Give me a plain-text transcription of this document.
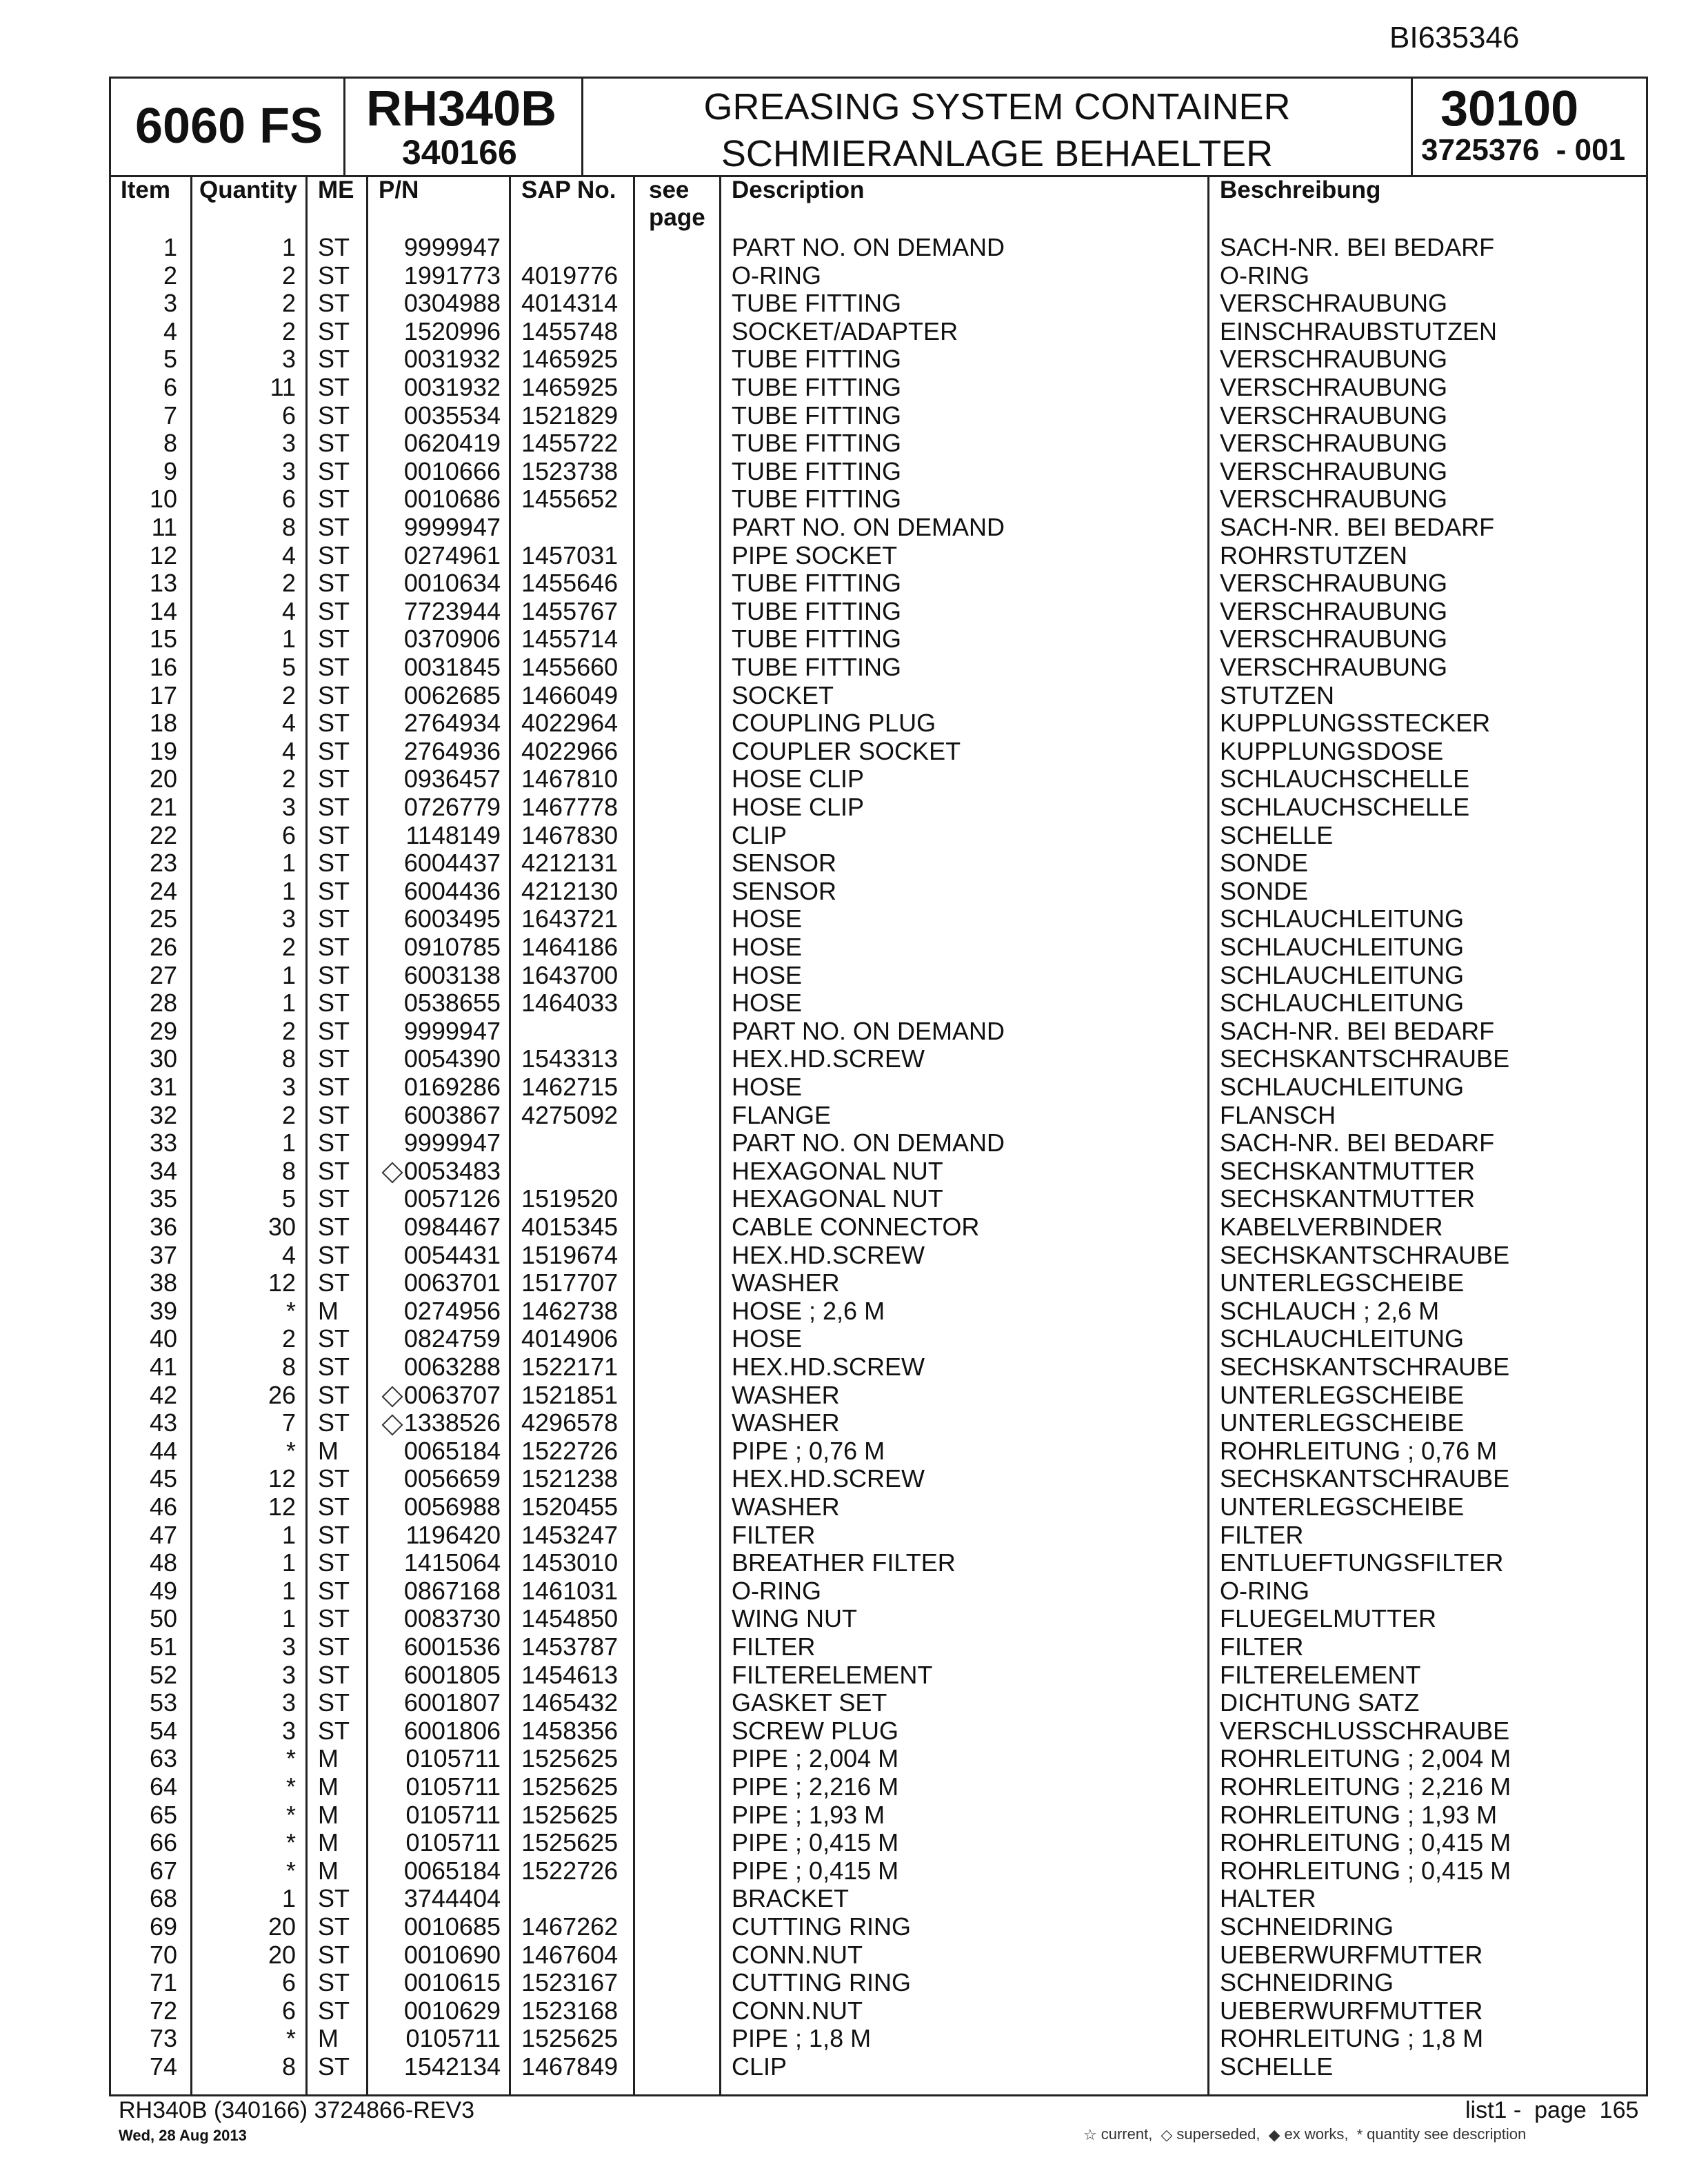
BI635346
6060 FS RH340B
340166
GREASING SYSTEM CONTAINER
SCHMIERANLAGE BEHAELTER
30100
3725376  - 001
Item Quantity ME P/N	SAP No. see
page
Description	Beschreibung
1	1 ST	9999947	PART NO. ON DEMAND	SACH-NR. BEI BEDARF
2	2 ST	1991773 4019776	O-RING	O-RING
3	2 ST	0304988 4014314	TUBE FITTING	VERSCHRAUBUNG
4	2 ST	1520996 1455748	SOCKET/ADAPTER	EINSCHRAUBSTUTZEN
5	3 ST	0031932 1465925	TUBE FITTING	VERSCHRAUBUNG
6	11 ST	0031932 1465925	TUBE FITTING	VERSCHRAUBUNG
7	6 ST	0035534 1521829	TUBE FITTING	VERSCHRAUBUNG
8	3 ST	0620419 1455722	TUBE FITTING	VERSCHRAUBUNG
9	3 ST	0010666 1523738	TUBE FITTING	VERSCHRAUBUNG
10	6 ST	0010686 1455652	TUBE FITTING	VERSCHRAUBUNG
11	8 ST	9999947	PART NO. ON DEMAND	SACH-NR. BEI BEDARF
12	4 ST	0274961 1457031	PIPE SOCKET	ROHRSTUTZEN
13	2 ST	0010634 1455646	TUBE FITTING	VERSCHRAUBUNG
14	4 ST	7723944 1455767	TUBE FITTING	VERSCHRAUBUNG
15	1 ST	0370906 1455714	TUBE FITTING	VERSCHRAUBUNG
16	5 ST	0031845 1455660	TUBE FITTING	VERSCHRAUBUNG
17	2 ST	0062685 1466049	SOCKET	STUTZEN
18	4 ST	2764934 4022964	COUPLING PLUG	KUPPLUNGSSTECKER
19	4 ST	2764936 4022966	COUPLER SOCKET	KUPPLUNGSDOSE
20	2 ST	0936457 1467810	HOSE CLIP	SCHLAUCHSCHELLE
21	3 ST	0726779 1467778	HOSE CLIP	SCHLAUCHSCHELLE
22	6 ST	1148149 1467830	CLIP	SCHELLE
23	1 ST	6004437 4212131	SENSOR	SONDE
24	1 ST	6004436 4212130	SENSOR	SONDE
25	3 ST	6003495 1643721	HOSE	SCHLAUCHLEITUNG
26	2 ST	0910785 1464186	HOSE	SCHLAUCHLEITUNG
27	1 ST	6003138 1643700	HOSE	SCHLAUCHLEITUNG
28	1 ST	0538655 1464033	HOSE	SCHLAUCHLEITUNG
29	2 ST	9999947	PART NO. ON DEMAND	SACH-NR. BEI BEDARF
30	8 ST	0054390 1543313	HEX.HD.SCREW	SECHSKANTSCHRAUBE
31	3 ST	0169286 1462715	HOSE	SCHLAUCHLEITUNG
32	2 ST	6003867 4275092	FLANGE	FLANSCH
33	1 ST	9999947	PART NO. ON DEMAND	SACH-NR. BEI BEDARF
34	8 ST	0053483	HEXAGONAL NUT	SECHSKANTMUTTER
35	5 ST	0057126 1519520	HEXAGONAL NUT	SECHSKANTMUTTER
36	30 ST	0984467 4015345	CABLE CONNECTOR	KABELVERBINDER
37	4 ST	0054431 1519674	HEX.HD.SCREW	SECHSKANTSCHRAUBE
38	12 ST	0063701 1517707	WASHER	UNTERLEGSCHEIBE
39	* M	0274956 1462738	HOSE ; 2,6 M	SCHLAUCH ; 2,6 M
40	2 ST	0824759 4014906	HOSE	SCHLAUCHLEITUNG
41	8 ST	0063288 1522171	HEX.HD.SCREW	SECHSKANTSCHRAUBE
42	26 ST	0063707 1521851	WASHER	UNTERLEGSCHEIBE
43	7 ST	1338526 4296578	WASHER	UNTERLEGSCHEIBE
44	* M	0065184 1522726	PIPE ; 0,76 M	ROHRLEITUNG ; 0,76 M
45	12 ST	0056659 1521238	HEX.HD.SCREW	SECHSKANTSCHRAUBE
46	12 ST	0056988 1520455	WASHER	UNTERLEGSCHEIBE
47	1 ST	1196420 1453247	FILTER	FILTER
48	1 ST	1415064 1453010	BREATHER FILTER	ENTLUEFTUNGSFILTER
49	1 ST	0867168 1461031	O-RING	O-RING
50	1 ST	0083730 1454850	WING NUT	FLUEGELMUTTER
51	3 ST	6001536 1453787	FILTER	FILTER
52	3 ST	6001805 1454613	FILTERELEMENT	FILTERELEMENT
53	3 ST	6001807 1465432	GASKET SET	DICHTUNG SATZ
54	3 ST	6001806 1458356	SCREW PLUG	VERSCHLUSSCHRAUBE
63	* M	0105711 1525625	PIPE ; 2,004 M	ROHRLEITUNG ; 2,004 M
64	* M	0105711 1525625	PIPE ; 2,216 M	ROHRLEITUNG ; 2,216 M
65	* M	0105711 1525625	PIPE ; 1,93 M	ROHRLEITUNG ; 1,93 M
66	* M	0105711 1525625	PIPE ; 0,415 M	ROHRLEITUNG ; 0,415 M
67	* M	0065184 1522726	PIPE ; 0,415 M	ROHRLEITUNG ; 0,415 M
68	1 ST	3744404	BRACKET	HALTER
69	20 ST	0010685 1467262	CUTTING RING	SCHNEIDRING
70	20 ST	0010690 1467604	CONN.NUT	UEBERWURFMUTTER
71	6 ST	0010615 1523167	CUTTING RING	SCHNEIDRING
72	6 ST	0010629 1523168	CONN.NUT	UEBERWURFMUTTER
73	* M	0105711 1525625	PIPE ; 1,8 M	ROHRLEITUNG ; 1,8 M
74	8 ST	1542134 1467849	CLIP	SCHELLE
RH340B (340166) 3724866-REV3
Wed, 28 Aug 2013
list1 -  page  165
☆ current, ◇ superseded, ◆ ex works, * quantity see description
